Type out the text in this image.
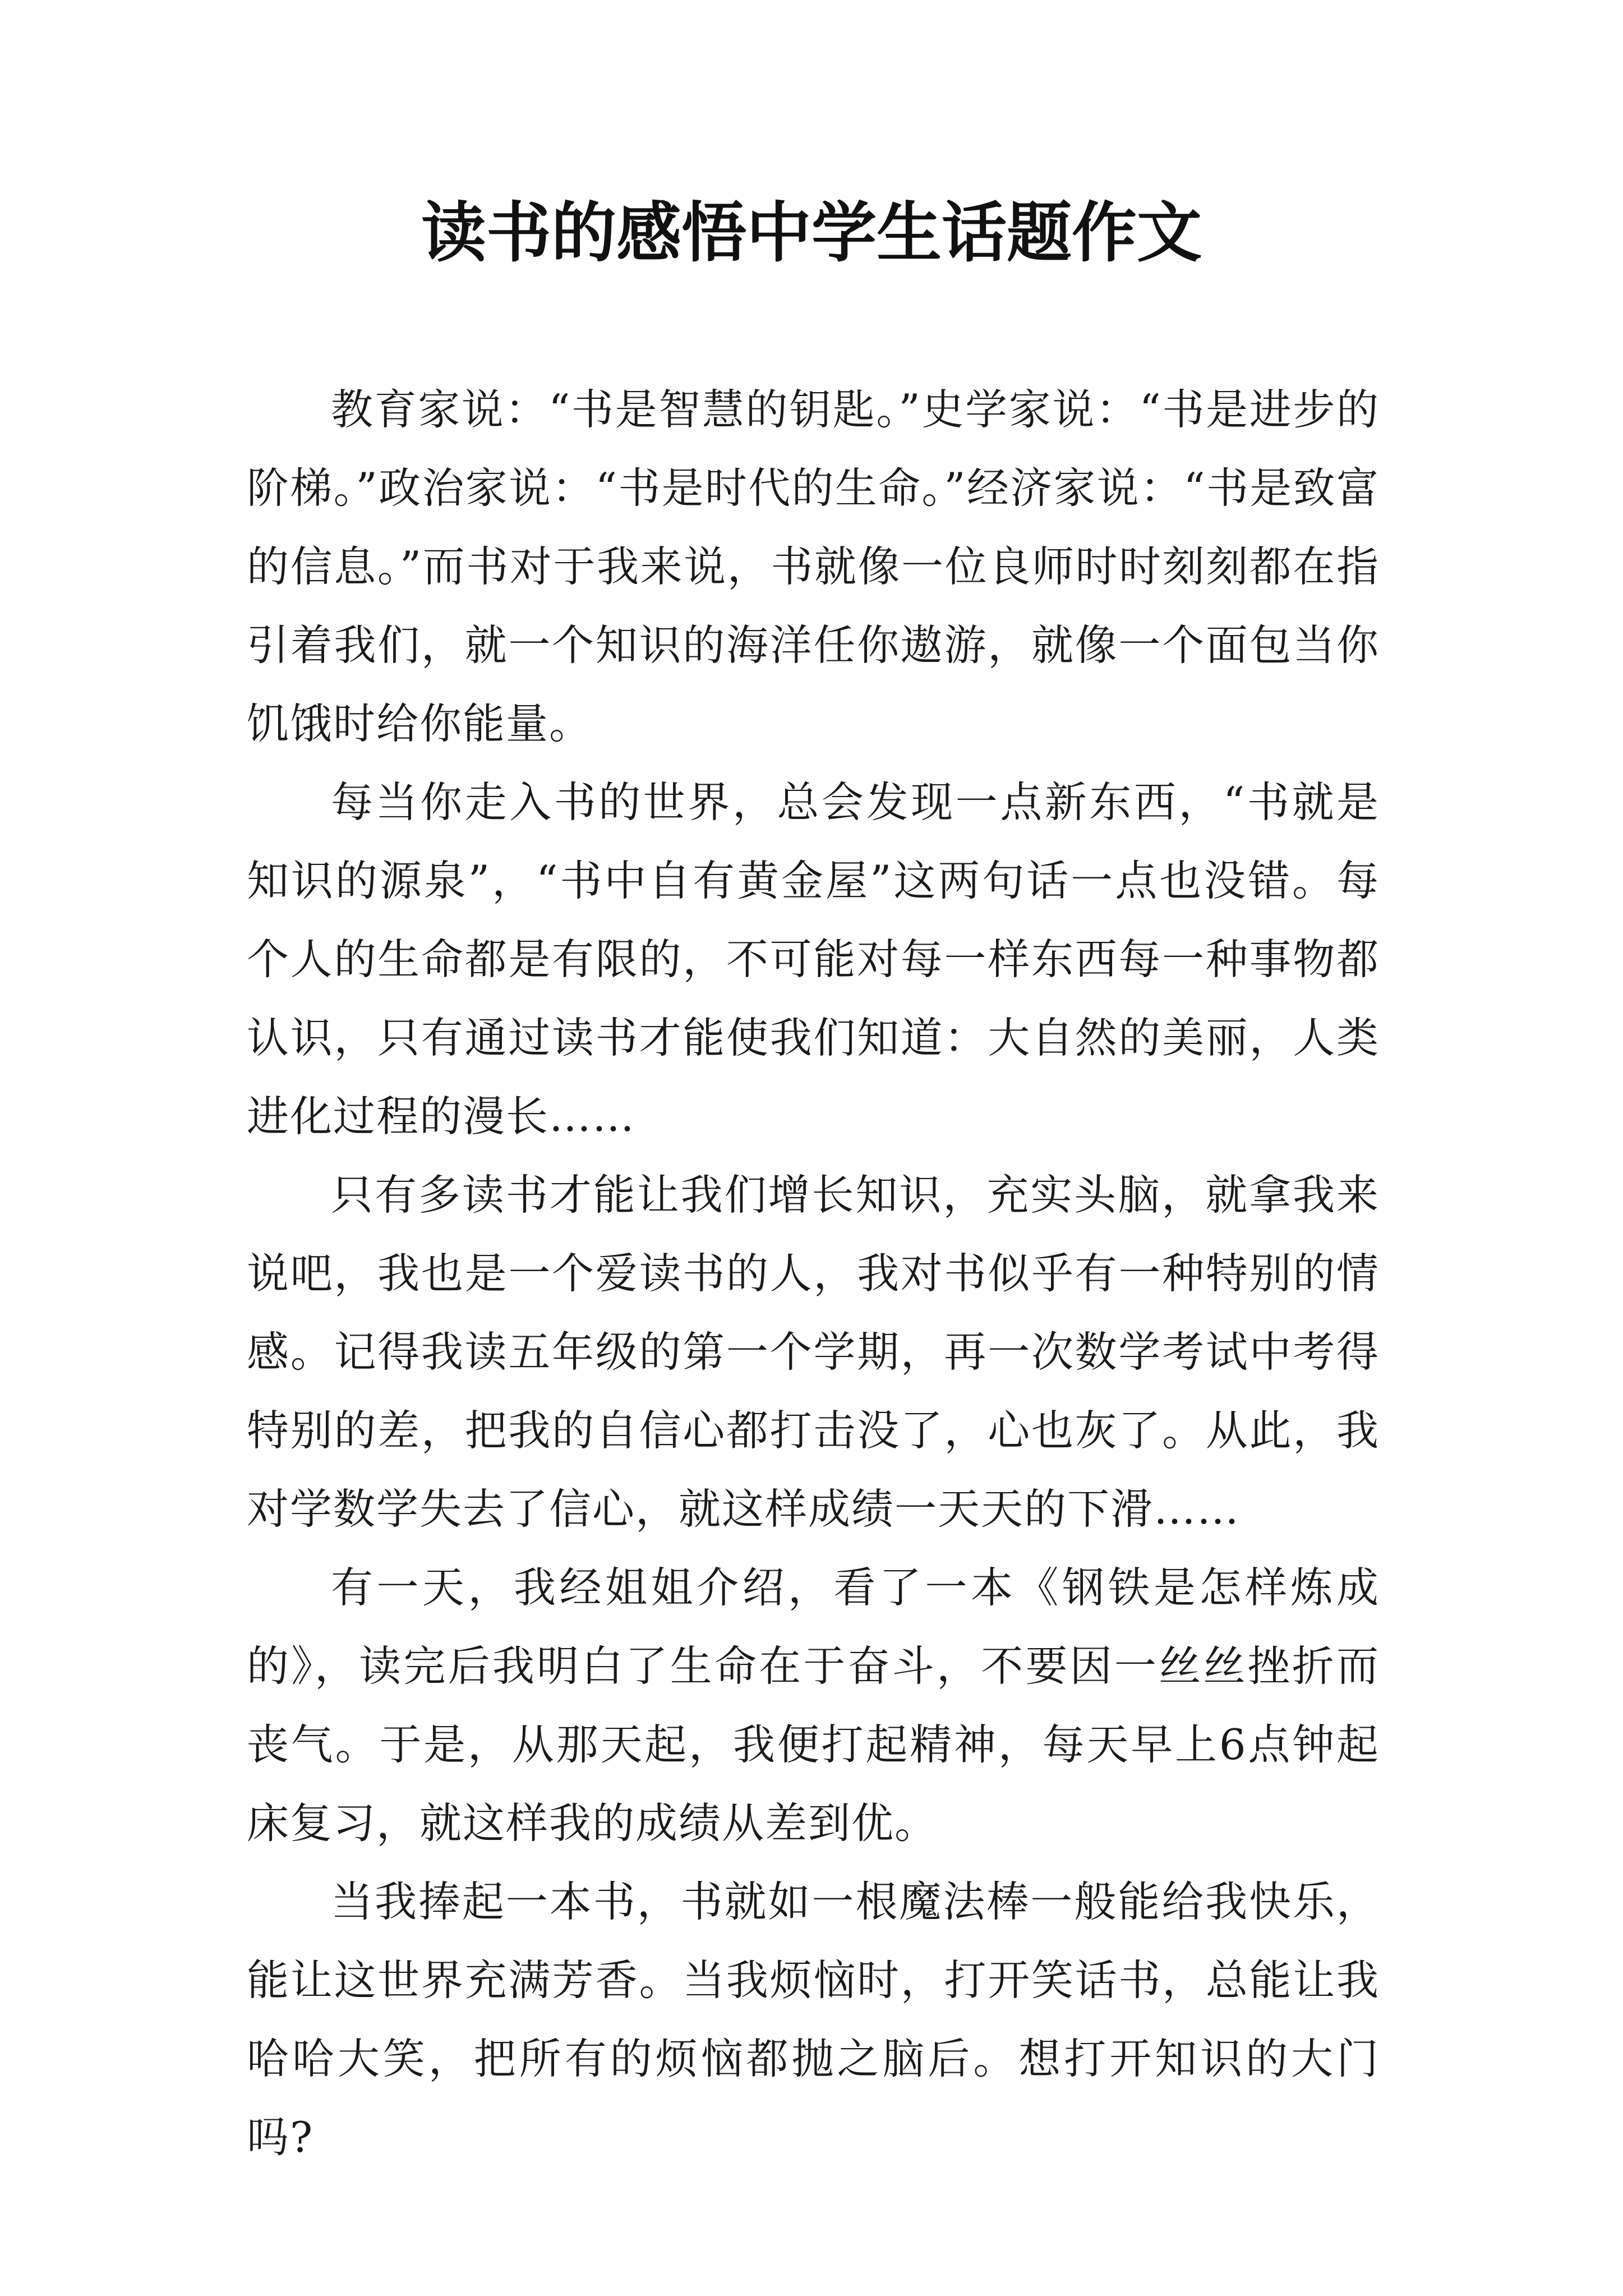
读书的感悟中学生话题作文

教育家说：“书是智慧的钥匙。”史学家说：“书是进步的阶梯。”政治家说：“书是时代的生命。”经济家说：“书是致富的信息。”而书对于我来说，书就像一位良师时时刻刻都在指引着我们，就一个知识的海洋任你遨游，就像一个面包当你饥饿时给你能量。

每当你走入书的世界，总会发现一点新东西，“书就是知识的源泉”，“书中自有黄金屋”这两句话一点也没错。每个人的生命都是有限的，不可能对每一样东西每一种事物都认识，只有通过读书才能使我们知道：大自然的美丽，人类进化过程的漫长……

只有多读书才能让我们增长知识，充实头脑，就拿我来说吧，我也是一个爱读书的人，我对书似乎有一种特别的情感。记得我读五年级的第一个学期，再一次数学考试中考得特别的差，把我的自信心都打击没了，心也灰了。从此，我对学数学失去了信心，就这样成绩一天天的下滑……

有一天，我经姐姐介绍，看了一本《钢铁是怎样炼成的》，读完后我明白了生命在于奋斗，不要因一丝丝挫折而丧气。于是，从那天起，我便打起精神，每天早上6点钟起床复习，就这样我的成绩从差到优。

当我捧起一本书，书就如一根魔法棒一般能给我快乐，能让这世界充满芳香。当我烦恼时，打开笑话书，总能让我哈哈大笑，把所有的烦恼都抛之脑后。想打开知识的大门吗?
